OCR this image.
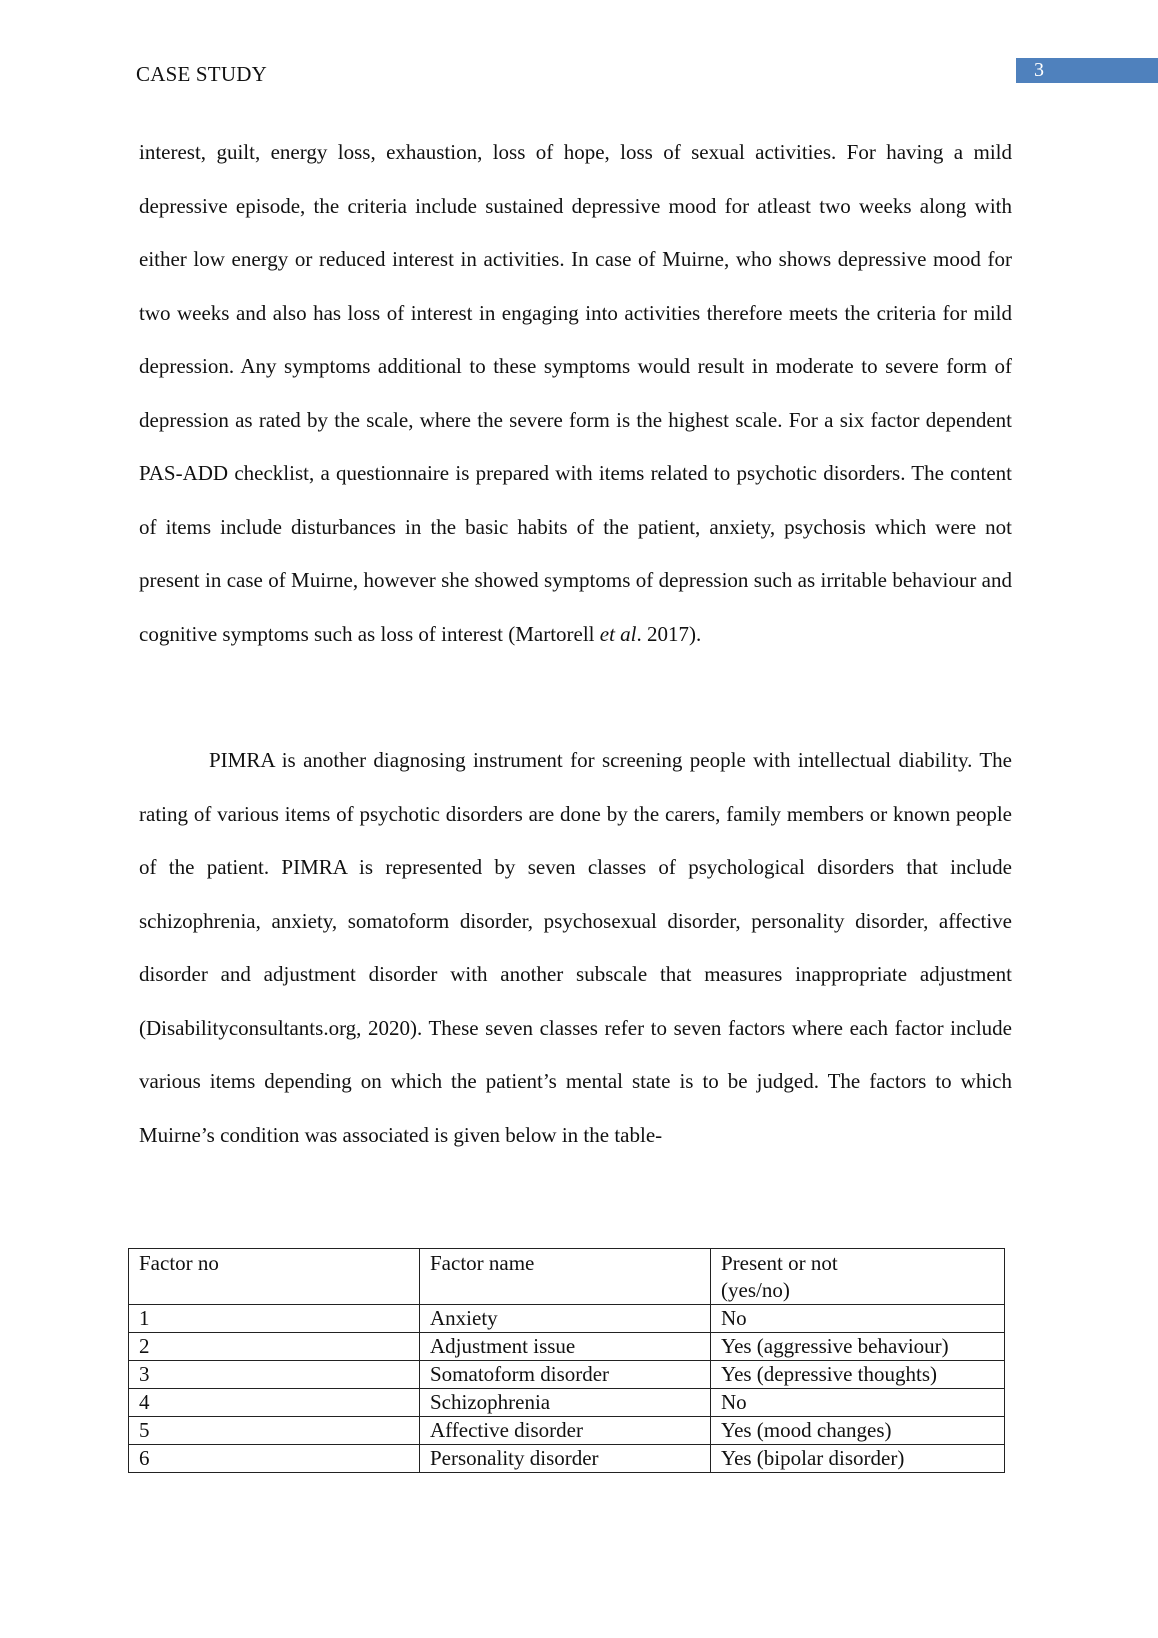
CASE STUDY	3

interest, guilt, energy loss, exhaustion, loss of hope, loss of sexual activities. For having a mild depressive episode, the criteria include sustained depressive mood for atleast two weeks along with either low energy or reduced interest in activities. In case of Muirne, who shows depressive mood for two weeks and also has loss of interest in engaging into activities therefore meets the criteria for mild depression. Any symptoms additional to these symptoms would result in moderate to severe form of depression as rated by the scale, where the severe form is the highest scale. For a six factor dependent PAS-ADD checklist, a questionnaire is prepared with items related to psychotic disorders. The content of items include disturbances in the basic habits of the patient, anxiety, psychosis which were not present in case of Muirne, however she showed symptoms of depression such as irritable behaviour and cognitive symptoms such as loss of interest (Martorell et al. 2017).

PIMRA is another diagnosing instrument for screening people with intellectual diability. The rating of various items of psychotic disorders are done by the carers, family members or known people of the patient. PIMRA is represented by seven classes of psychological disorders that include schizophrenia, anxiety, somatoform disorder, psychosexual disorder, personality disorder, affective disorder and adjustment disorder with another subscale that measures inappropriate adjustment (Disabilityconsultants.org, 2020). These seven classes refer to seven factors where each factor include various items depending on which the patient’s mental state is to be judged. The factors to which Muirne’s condition was associated is given below in the table-

Factor no	Factor name	Present or not
(yes/no)
1	Anxiety	No
2	Adjustment issue	Yes (aggressive behaviour)
3	Somatoform disorder	Yes (depressive thoughts)
4	Schizophrenia	No
5	Affective disorder	Yes (mood changes)
6	Personality disorder	Yes (bipolar disorder)
